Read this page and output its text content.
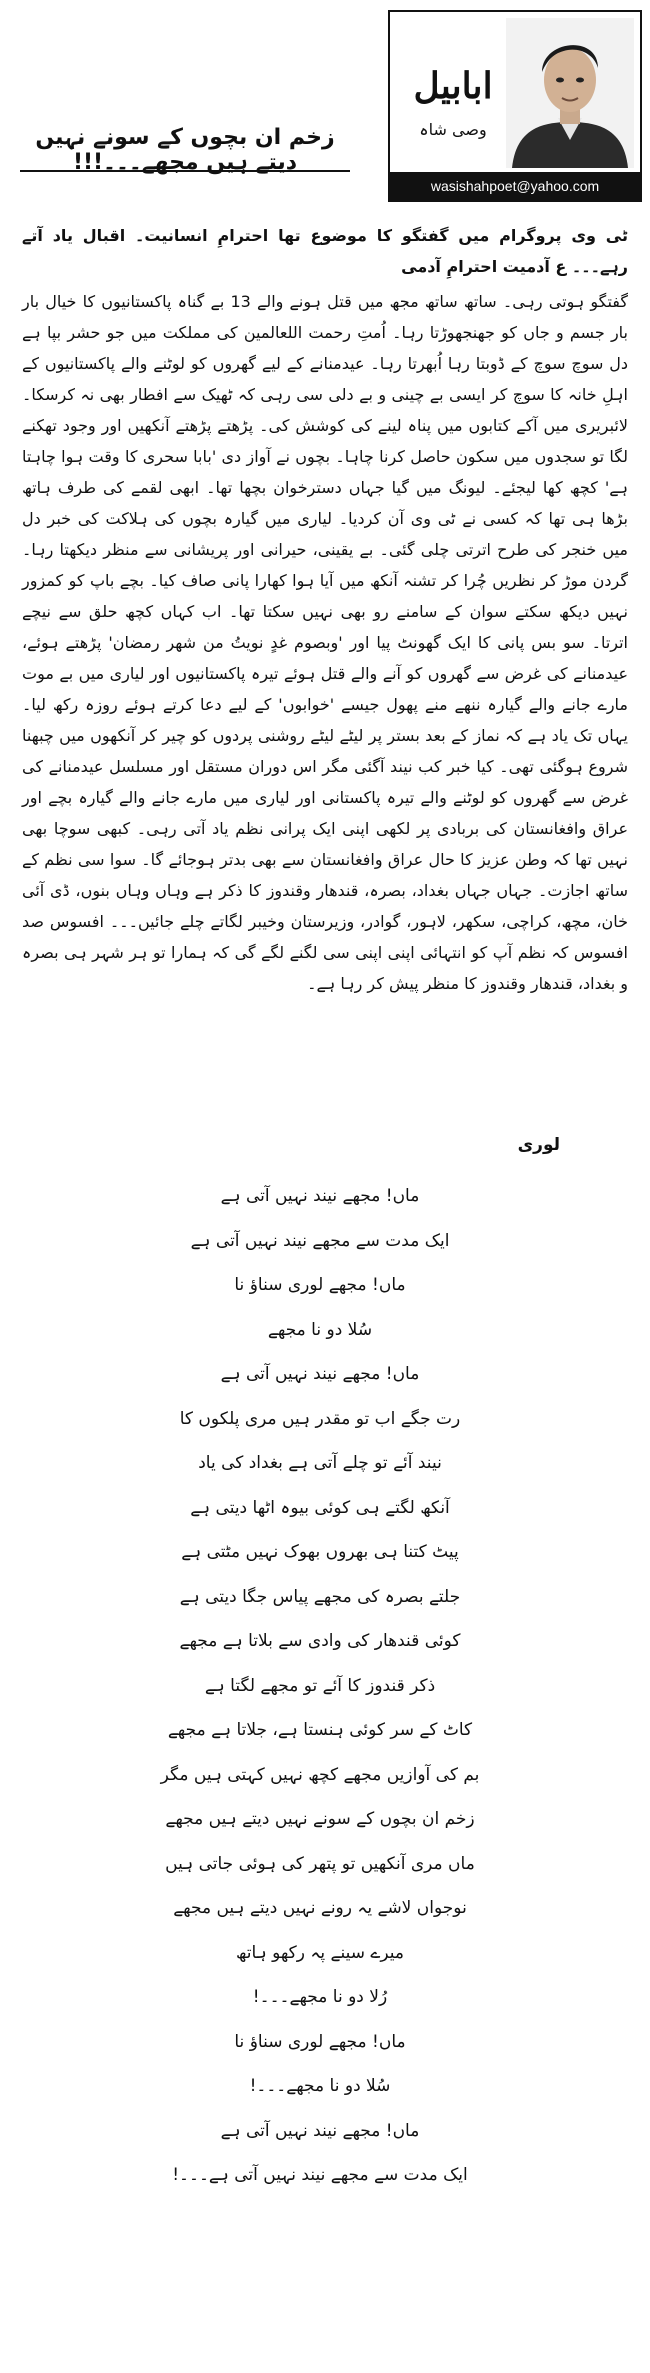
زخم ان بچوں کے سونے نہیں دیتے ہیں مجھے۔۔۔!!!
ابابیل
وصی شاہ
wasishahpoet@yahoo.com

ٹی وی پروگرام میں گفتگو کا موضوع تھا احترامِ انسانیت۔ اقبال یاد آتے رہے۔۔۔ ع آدمیت احترامِ آدمی

گفتگو ہوتی رہی۔ ساتھ ساتھ مجھ میں قتل ہونے والے 13 بے گناہ پاکستانیوں کا خیال بار بار جسم و جاں کو جھنجھوڑتا رہا۔ اُمتِ رحمت اللعالمین کی مملکت میں جو حشر بپا ہے دل سوچ سوچ کے ڈوبتا رہا اُبھرتا رہا۔ عیدمنانے کے لیے گھروں کو لوٹنے والے پاکستانیوں کے اہلِ خانہ کا سوچ کر ایسی بے چینی و بے دلی سی رہی کہ ٹھیک سے افطار بھی نہ کرسکا۔ لائبریری میں آکے کتابوں میں پناہ لینے کی کوشش کی۔ پڑھتے پڑھتے آنکھیں اور وجود تھکنے لگا تو سجدوں میں سکون حاصل کرنا چاہا۔ بچوں نے آواز دی 'بابا سحری کا وقت ہوا چاہتا ہے' کچھ کھا لیجئے۔ لیونگ میں گیا جہاں دسترخوان بچھا تھا۔ ابھی لقمے کی طرف ہاتھ بڑھا ہی تھا کہ کسی نے ٹی وی آن کردیا۔ لیاری میں گیارہ بچوں کی ہلاکت کی خبر دل میں خنجر کی طرح اترتی چلی گئی۔ بے یقینی، حیرانی اور پریشانی سے منظر دیکھتا رہا۔ گردن موڑ کر نظریں چُرا کر تشنہ آنکھ میں آیا ہوا کھارا پانی صاف کیا۔ بچے باپ کو کمزور نہیں دیکھ سکتے سوان کے سامنے رو بھی نہیں سکتا تھا۔ اب کہاں کچھ حلق سے نیچے اترتا۔ سو بس پانی کا ایک گھونٹ پیا اور 'وبصوم غدٍ نویتُ من شھر رمضان' پڑھتے ہوئے، عیدمنانے کی غرض سے گھروں کو آنے والے قتل ہوئے تیرہ پاکستانیوں اور لیاری میں بے موت مارے جانے والے گیارہ ننھے منے پھول جیسے 'خوابوں' کے لیے دعا کرتے ہوئے روزہ رکھ لیا۔ یہاں تک یاد ہے کہ نماز کے بعد بستر پر لیٹے لیٹے روشنی پردوں کو چیر کر آنکھوں میں چبھنا شروع ہوگئی تھی۔ کیا خبر کب نیند آگئی مگر اس دوران مستقل اور مسلسل عیدمنانے کی غرض سے گھروں کو لوٹنے والے تیرہ پاکستانی اور لیاری میں مارے جانے والے گیارہ بچے اور عراق وافغانستان کی بربادی پر لکھی اپنی ایک پرانی نظم یاد آتی رہی۔ کبھی سوچا بھی نہیں تھا کہ وطن عزیز کا حال عراق وافغانستان سے بھی بدتر ہوجائے گا۔ سوا سی نظم کے ساتھ اجازت۔ جہاں جہاں بغداد، بصرہ، قندھار وقندوز کا ذکر ہے وہاں وہاں بنوں، ڈی آئی خان، مچھ، کراچی، سکھر، لاہور، گوادر، وزیرستان وخیبر لگاتے چلے جائیں۔۔۔ افسوس صد افسوس کہ نظم آپ کو انتہائی اپنی اپنی سی لگنے لگے گی کہ ہمارا تو ہر شہر ہی بصرہ و بغداد، قندھار وقندوز کا منظر پیش کر رہا ہے۔

لوری
ماں! مجھے نیند نہیں آتی ہے
ایک مدت سے مجھے نیند نہیں آتی ہے
ماں! مجھے لوری سناؤ نا
سُلا دو نا مجھے
ماں! مجھے نیند نہیں آتی ہے
رت جگے اب تو مقدر ہیں مری پلکوں کا
نیند آئے تو چلے آتی ہے بغداد کی یاد
آنکھ لگتے ہی کوئی بیوہ اٹھا دیتی ہے
پیٹ کتنا ہی بھروں بھوک نہیں مٹتی ہے
جلتے بصرہ کی مجھے پیاس جگا دیتی ہے
کوئی قندھار کی وادی سے بلاتا ہے مجھے
ذکر قندوز کا آئے تو مجھے لگتا ہے
کاٹ کے سر کوئی ہنستا ہے، جلاتا ہے مجھے
بم کی آوازیں مجھے کچھ نہیں کہتی ہیں مگر
زخم ان بچوں کے سونے نہیں دیتے ہیں مجھے
ماں مری آنکھیں تو پتھر کی ہوئی جاتی ہیں
نوجواں لاشے یہ رونے نہیں دیتے ہیں مجھے
میرے سینے پہ رکھو ہاتھ
رُلا دو نا مجھے۔۔۔!
ماں! مجھے لوری سناؤ نا
سُلا دو نا مجھے۔۔۔!
ماں! مجھے نیند نہیں آتی ہے
ایک مدت سے مجھے نیند نہیں آتی ہے۔۔۔!
